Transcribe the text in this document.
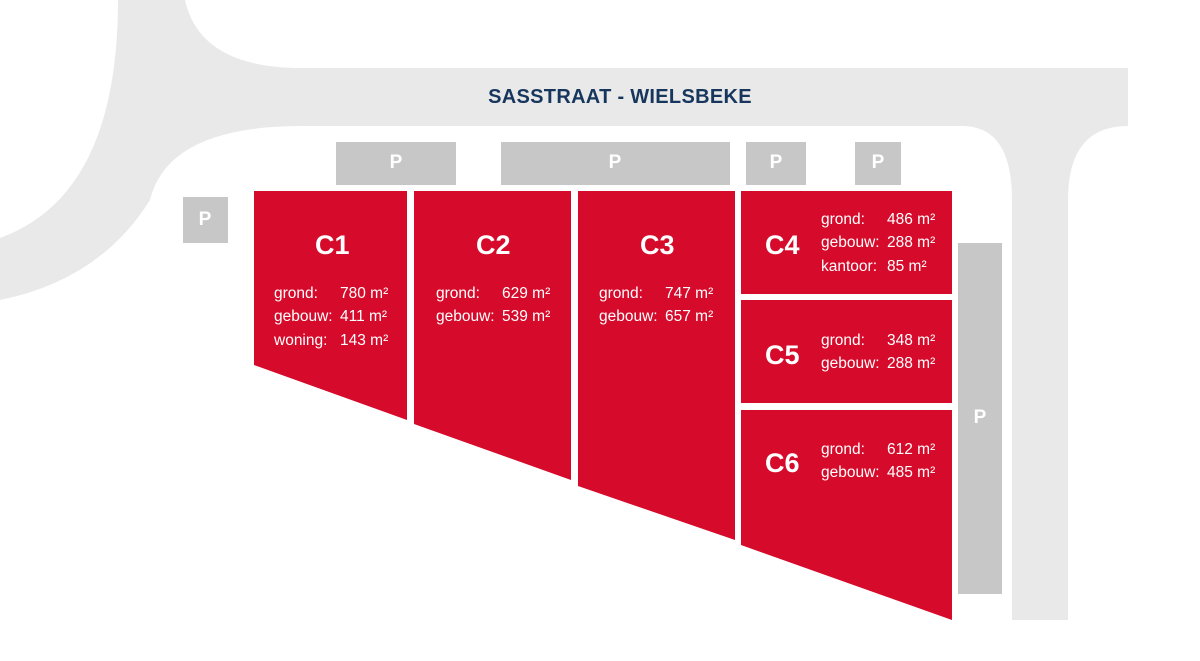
SASSTRAAT - WIELSBEKE
P	P	P	P
P
P
C1
grond: 780 m²
gebouw: 411 m²
woning: 143 m²
C2
grond: 629 m²
gebouw: 539 m²
C3
grond: 747 m²
gebouw: 657 m²
C4
grond: 486 m²
gebouw: 288 m²
kantoor: 85 m²
C5 grond: 348 m²
gebouw: 288 m²
C6 grond: 612 m²
gebouw: 485 m²
